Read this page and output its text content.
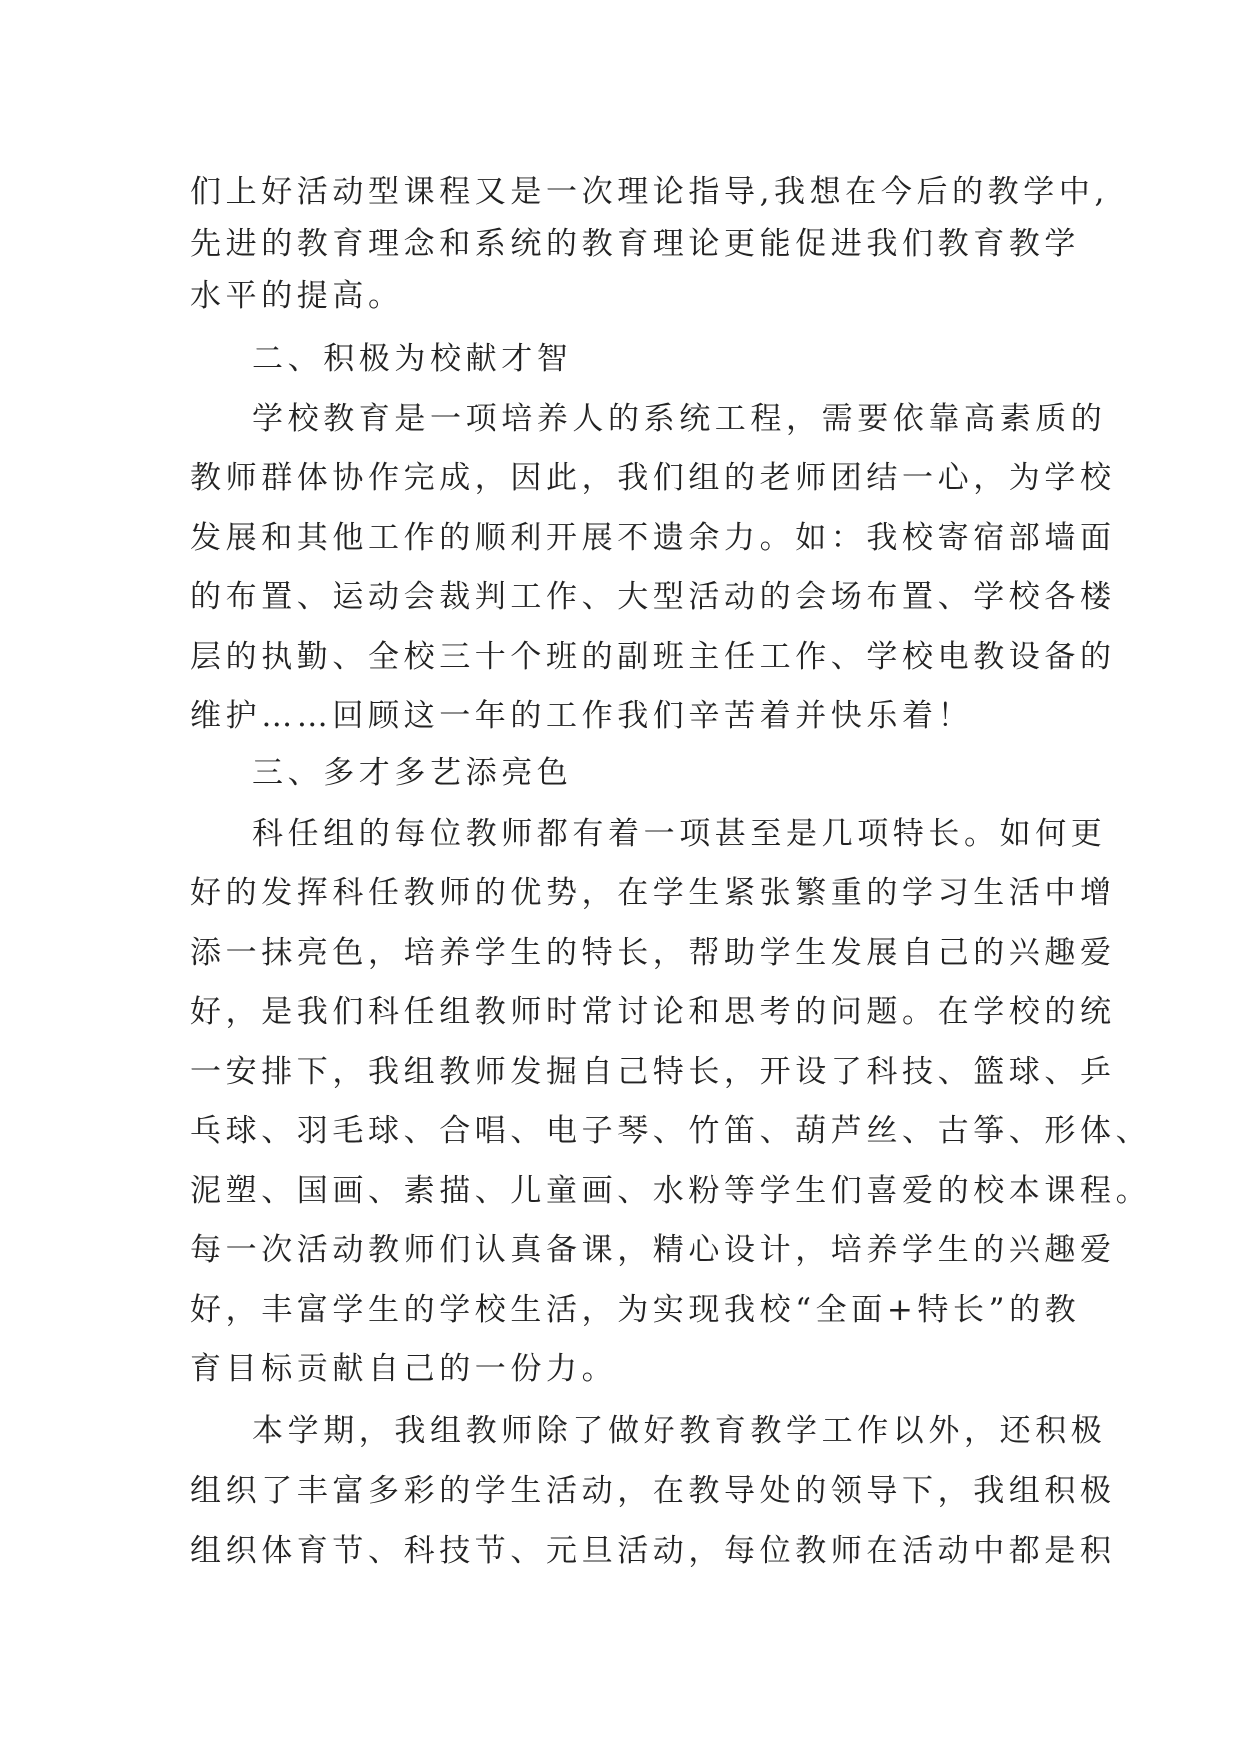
们上好活动型课程又是一次理论指导,我想在今后的教学中,
先进的教育理念和系统的教育理论更能促进我们教育教学
水平的提高。
二、积极为校献才智
学校教育是一项培养人的系统工程，需要依靠高素质的
教师群体协作完成，因此，我们组的老师团结一心，为学校
发展和其他工作的顺利开展不遗余力。如：我校寄宿部墙面
的布置、运动会裁判工作、大型活动的会场布置、学校各楼
层的执勤、全校三十个班的副班主任工作、学校电教设备的
维护……回顾这一年的工作我们辛苦着并快乐着！
三、多才多艺添亮色
科任组的每位教师都有着一项甚至是几项特长。如何更
好的发挥科任教师的优势，在学生紧张繁重的学习生活中增
添一抹亮色，培养学生的特长，帮助学生发展自己的兴趣爱
好，是我们科任组教师时常讨论和思考的问题。在学校的统
一安排下，我组教师发掘自己特长，开设了科技、篮球、乒
乓球、羽毛球、合唱、电子琴、竹笛、葫芦丝、古筝、形体、
泥塑、国画、素描、儿童画、水粉等学生们喜爱的校本课程。
每一次活动教师们认真备课，精心设计，培养学生的兴趣爱
好，丰富学生的学校生活，为实现我校“全面+特长”的教
育目标贡献自己的一份力。
本学期，我组教师除了做好教育教学工作以外，还积极
组织了丰富多彩的学生活动，在教导处的领导下，我组积极
组织体育节、科技节、元旦活动，每位教师在活动中都是积
